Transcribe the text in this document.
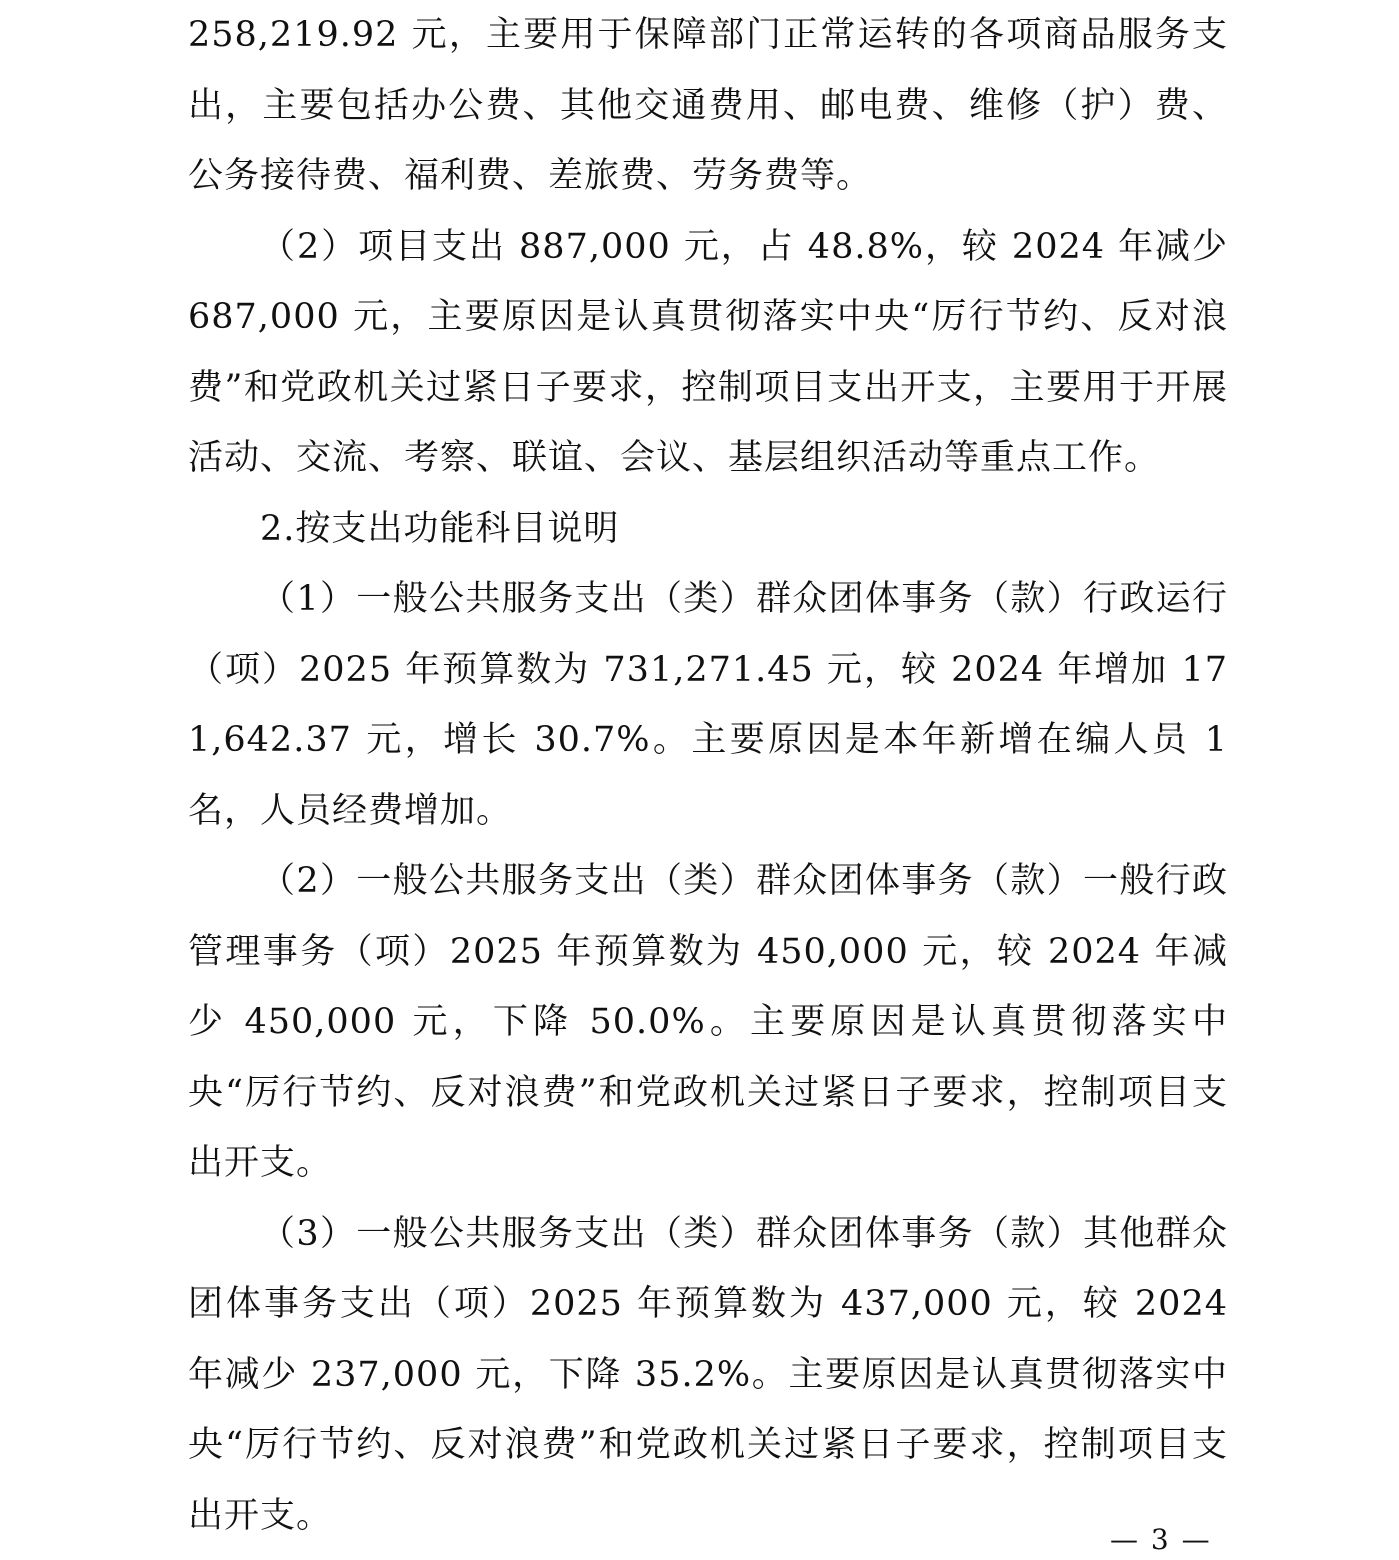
258,219.92 元，主要用于保障部门正常运转的各项商品服务支出，主要包括办公费、其他交通费用、邮电费、维修（护）费、公务接待费、福利费、差旅费、劳务费等。

（2）项目支出 887,000 元，占 48.8%，较 2024 年减少 687,000 元，主要原因是认真贯彻落实中央“厉行节约、反对浪费”和党政机关过紧日子要求，控制项目支出开支，主要用于开展活动、交流、考察、联谊、会议、基层组织活动等重点工作。

2.按支出功能科目说明

（1）一般公共服务支出（类）群众团体事务（款）行政运行（项）2025 年预算数为 731,271.45 元，较 2024 年增加 171,642.37 元，增长 30.7%。主要原因是本年新增在编人员 1 名，人员经费增加。

（2）一般公共服务支出（类）群众团体事务（款）一般行政管理事务（项）2025 年预算数为 450,000 元，较 2024 年减少 450,000 元，下降 50.0%。主要原因是认真贯彻落实中央“厉行节约、反对浪费”和党政机关过紧日子要求，控制项目支出开支。

（3）一般公共服务支出（类）群众团体事务（款）其他群众团体事务支出（项）2025 年预算数为 437,000 元，较 2024 年减少 237,000 元，下降 35.2%。主要原因是认真贯彻落实中央“厉行节约、反对浪费”和党政机关过紧日子要求，控制项目支出开支。

— 3 —
